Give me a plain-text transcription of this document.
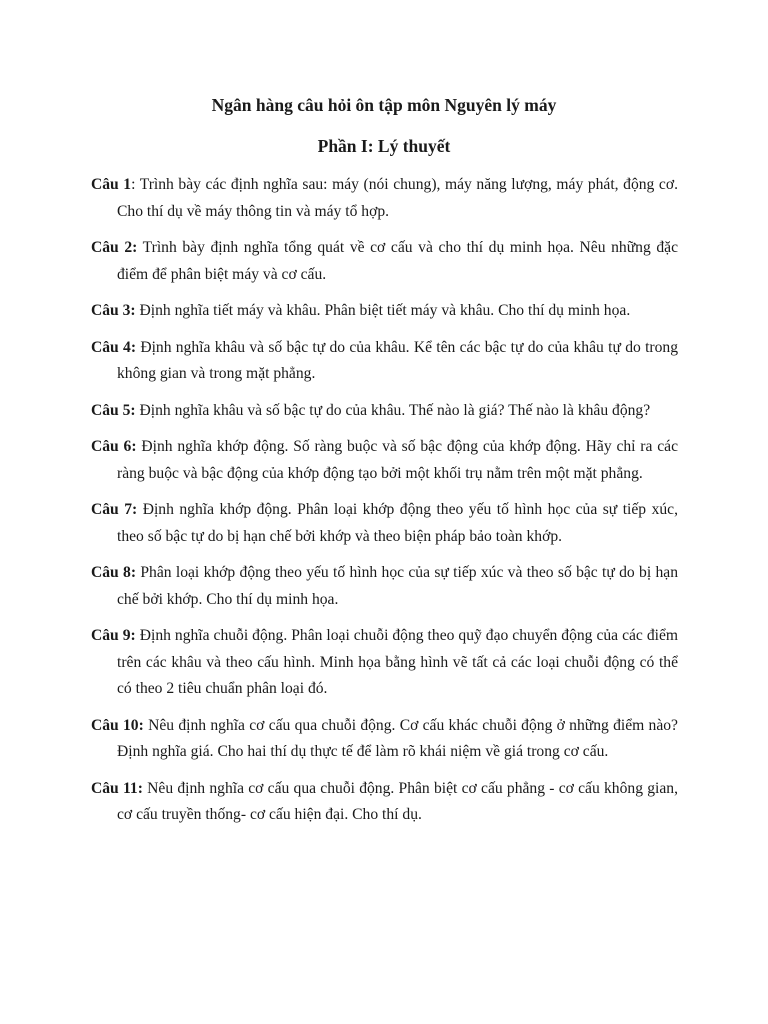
Ngân hàng câu hỏi ôn tập môn Nguyên lý máy
Phần I: Lý thuyết

Câu 1: Trình bày các định nghĩa sau: máy (nói chung), máy năng lượng, máy phát, động cơ. Cho thí dụ về máy thông tin và máy tổ hợp.

Câu 2: Trình bày định nghĩa tổng quát về cơ cấu và cho thí dụ minh họa. Nêu những đặc điểm để phân biệt máy và cơ cấu.

Câu 3: Định nghĩa tiết máy và khâu. Phân biệt tiết máy và khâu. Cho thí dụ minh họa.

Câu 4: Định nghĩa khâu và số bậc tự do của khâu. Kể tên các bậc tự do của khâu tự do trong không gian và trong mặt phẳng.

Câu 5: Định nghĩa khâu và số bậc tự do của khâu. Thế nào là giá? Thế nào là khâu động?

Câu 6: Định nghĩa khớp động. Số ràng buộc và số bậc động của khớp động. Hãy chỉ ra các ràng buộc và bậc động của khớp động tạo bởi một khối trụ nằm trên một mặt phẳng.

Câu 7: Định nghĩa khớp động. Phân loại khớp động theo yếu tố hình học của sự tiếp xúc, theo số bậc tự do bị hạn chế bởi khớp và theo biện pháp bảo toàn khớp.

Câu 8: Phân loại khớp động theo yếu tố hình học của sự tiếp xúc và theo số bậc tự do bị hạn chế bởi khớp. Cho thí dụ minh họa.

Câu 9: Định nghĩa chuỗi động. Phân loại chuỗi động theo quỹ đạo chuyển động của các điểm trên các khâu và theo cấu hình. Minh họa bằng hình vẽ tất cả các loại chuỗi động có thể có theo 2 tiêu chuẩn phân loại đó.

Câu 10: Nêu định nghĩa cơ cấu qua chuỗi động. Cơ cấu khác chuỗi động ở những điểm nào? Định nghĩa giá. Cho hai thí dụ thực tế để làm rõ khái niệm về giá trong cơ cấu.

Câu 11: Nêu định nghĩa cơ cấu qua chuỗi động. Phân biệt cơ cấu phẳng - cơ cấu không gian, cơ cấu truyền thống- cơ cấu hiện đại. Cho thí dụ.
